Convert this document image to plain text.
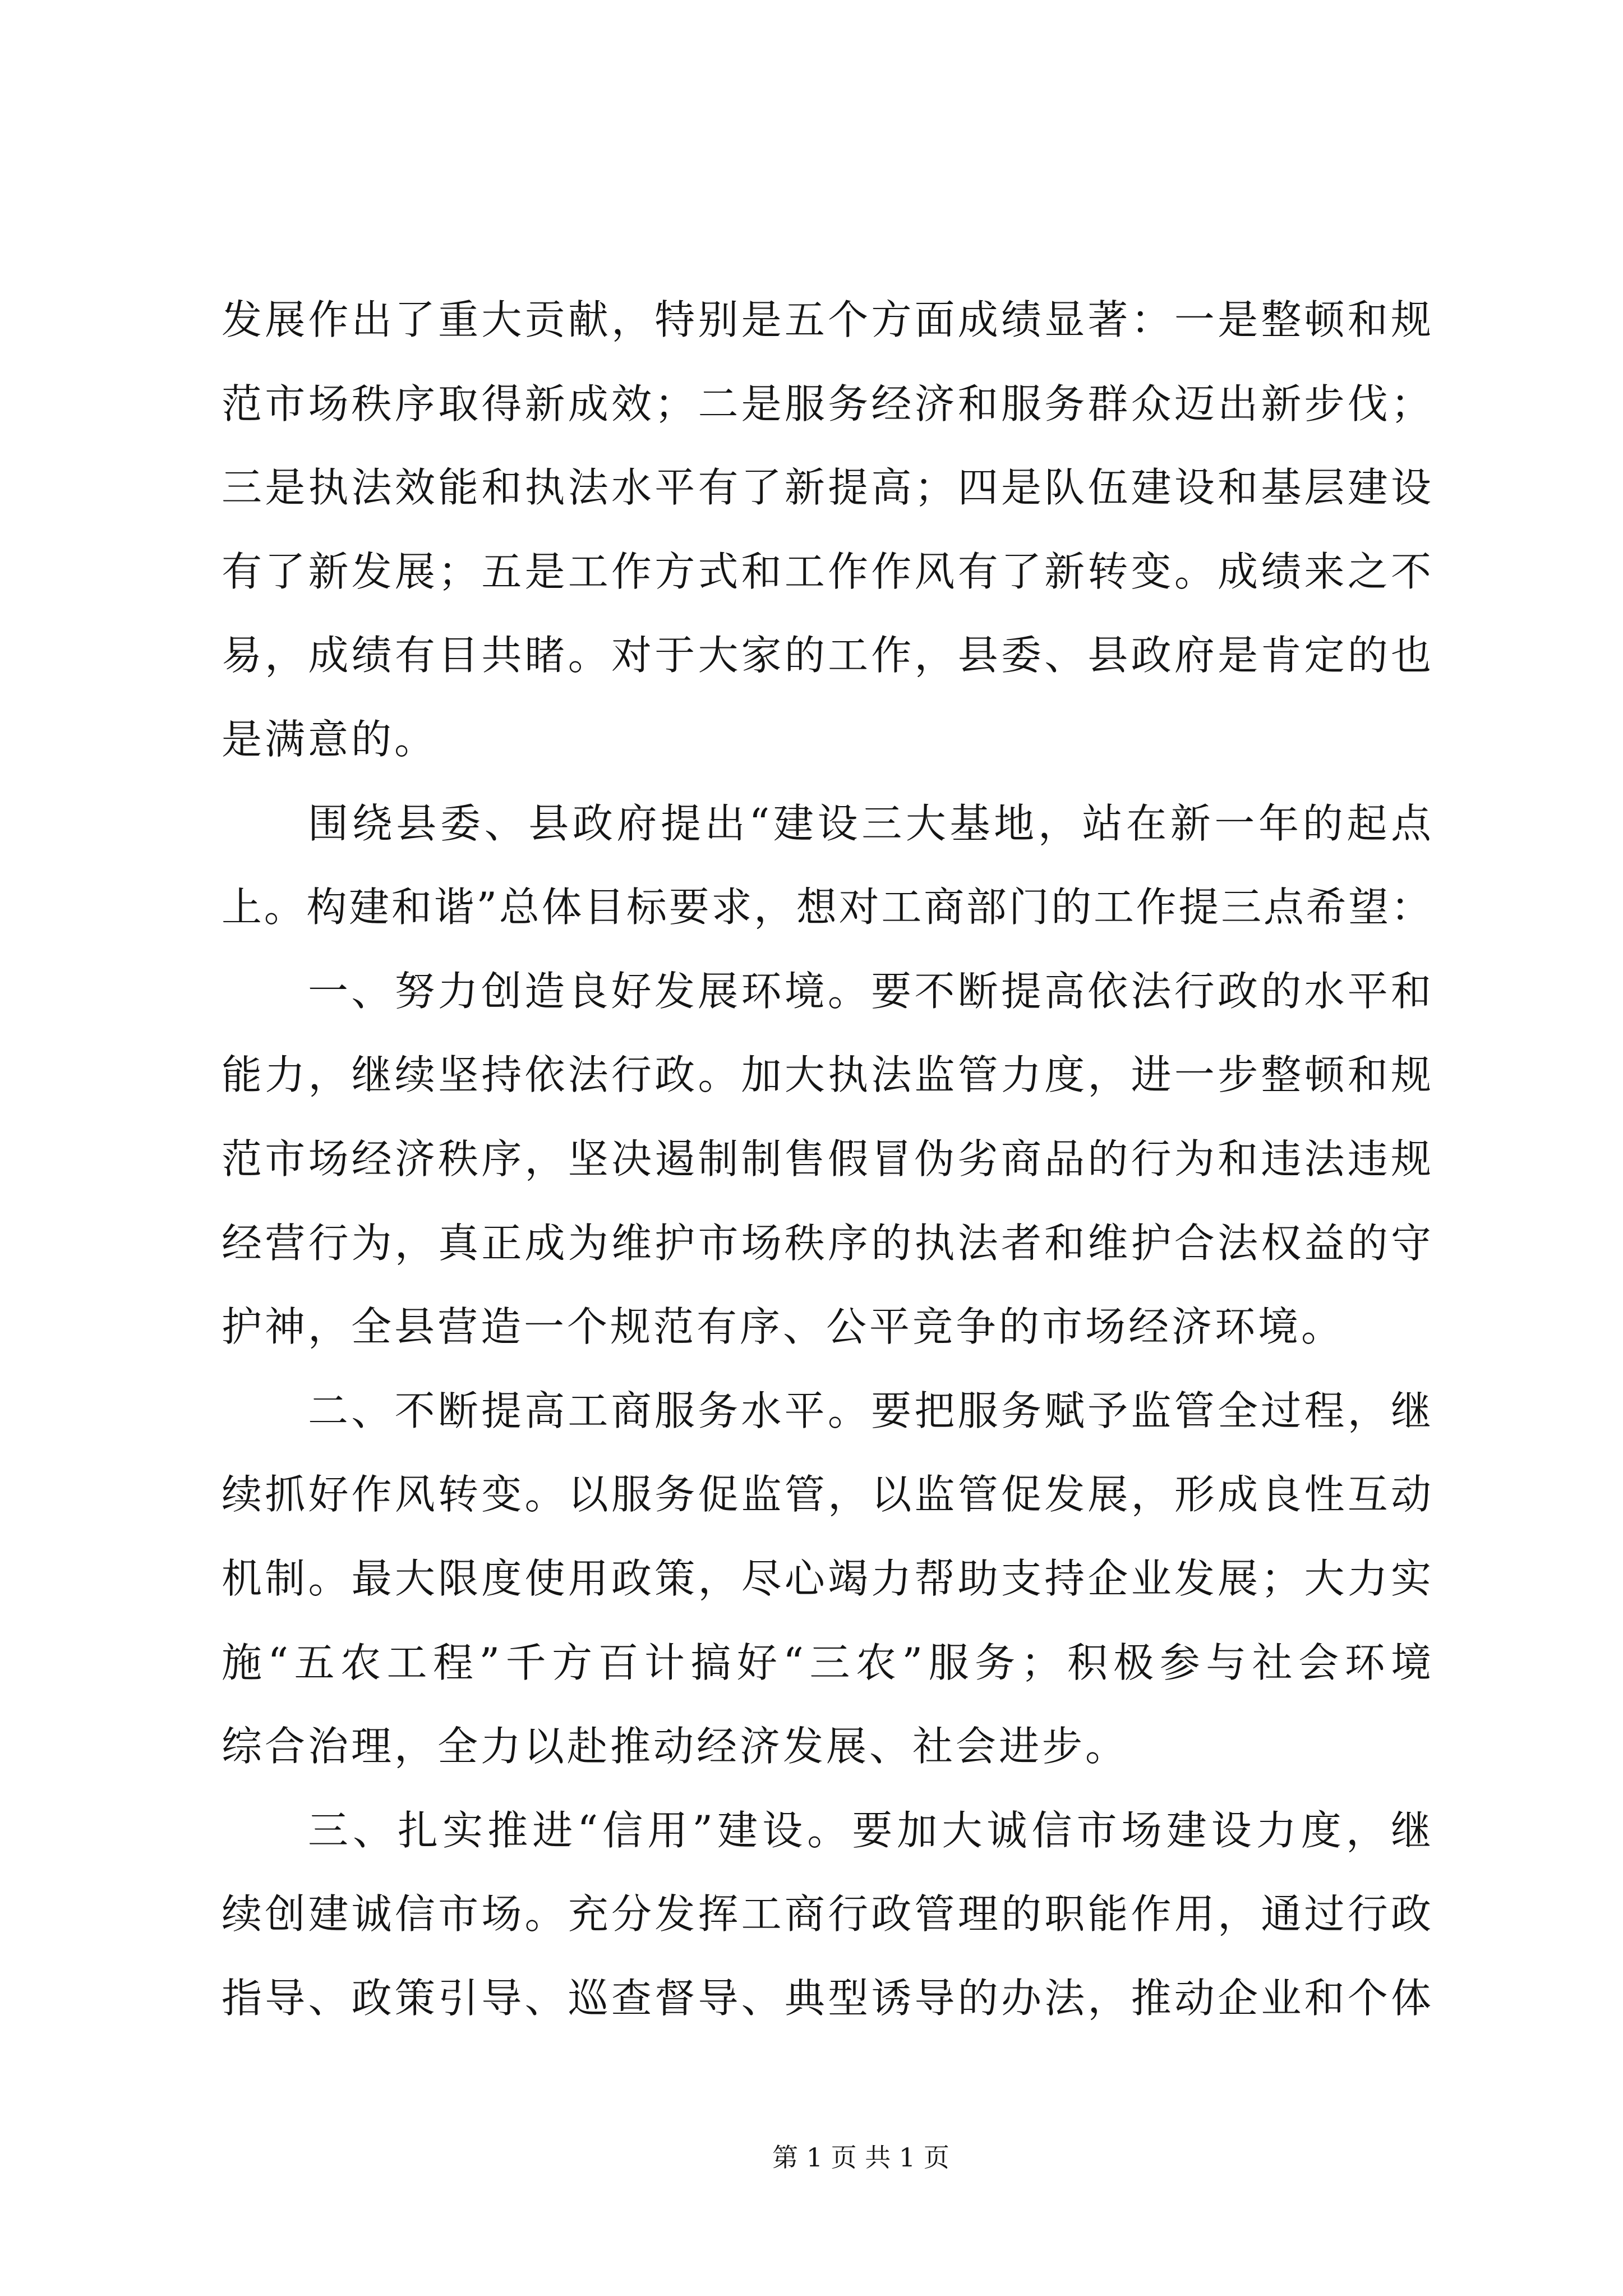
发展作出了重大贡献，特别是五个方面成绩显著：一是整顿和规
范市场秩序取得新成效；二是服务经济和服务群众迈出新步伐；
三是执法效能和执法水平有了新提高；四是队伍建设和基层建设
有了新发展；五是工作方式和工作作风有了新转变。成绩来之不
易，成绩有目共睹。对于大家的工作，县委、县政府是肯定的也
是满意的。
围绕县委、县政府提出“建设三大基地，站在新一年的起点
上。构建和谐”总体目标要求，想对工商部门的工作提三点希望：
一、努力创造良好发展环境。要不断提高依法行政的水平和
能力，继续坚持依法行政。加大执法监管力度，进一步整顿和规
范市场经济秩序，坚决遏制制售假冒伪劣商品的行为和违法违规
经营行为，真正成为维护市场秩序的执法者和维护合法权益的守
护神，全县营造一个规范有序、公平竞争的市场经济环境。
二、不断提高工商服务水平。要把服务赋予监管全过程，继
续抓好作风转变。以服务促监管，以监管促发展，形成良性互动
机制。最大限度使用政策，尽心竭力帮助支持企业发展；大力实
施“五农工程”千方百计搞好“三农”服务；积极参与社会环境
综合治理，全力以赴推动经济发展、社会进步。
三、扎实推进“信用”建设。要加大诚信市场建设力度，继
续创建诚信市场。充分发挥工商行政管理的职能作用，通过行政
指导、政策引导、巡查督导、典型诱导的办法，推动企业和个体
第 1 页 共 1 页
